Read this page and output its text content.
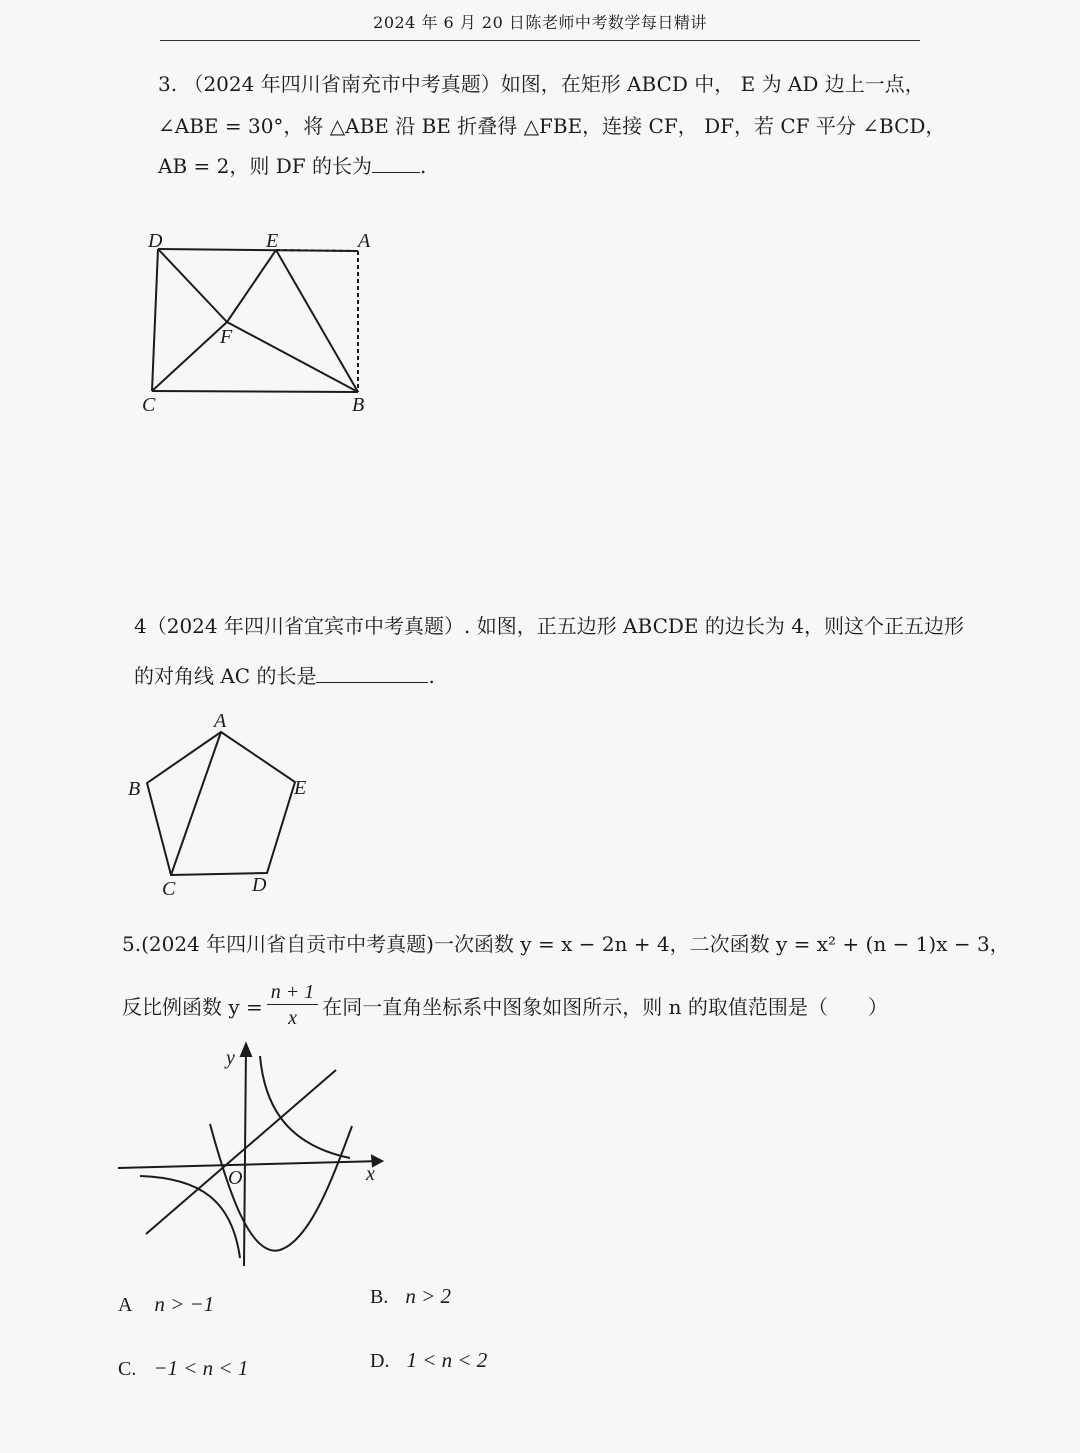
2024 年 6 月 20 日陈老师中考数学每日精讲
3. （2024 年四川省南充市中考真题）如图，在矩形 ABCD 中， E 为 AD 边上一点，
∠ABE = 30°，将 △ABE 沿 BE 折叠得 △FBE，连接 CF， DF，若 CF 平分 ∠BCD，
AB = 2，则 DF 的长为 .
D	E	A
F
C	B
4（2024 年四川省宜宾市中考真题）. 如图，正五边形 ABCDE 的边长为 4，则这个正五边形
的对角线 AC 的长是	.
A
B
C	D
E
5.(2024 年四川省自贡市中考真题)一次函数 y = x − 2n + 4，二次函数 y = x² + (n − 1)x − 3，
反比例函数 $y = \frac{n + 1}{x}$ 在同一直角坐标系中图象如图所示，则 n 的取值范围是（　　）
y
x
O
A n > −1	B. n > 2
C. −1 < n < 1	D. 1 < n < 2
